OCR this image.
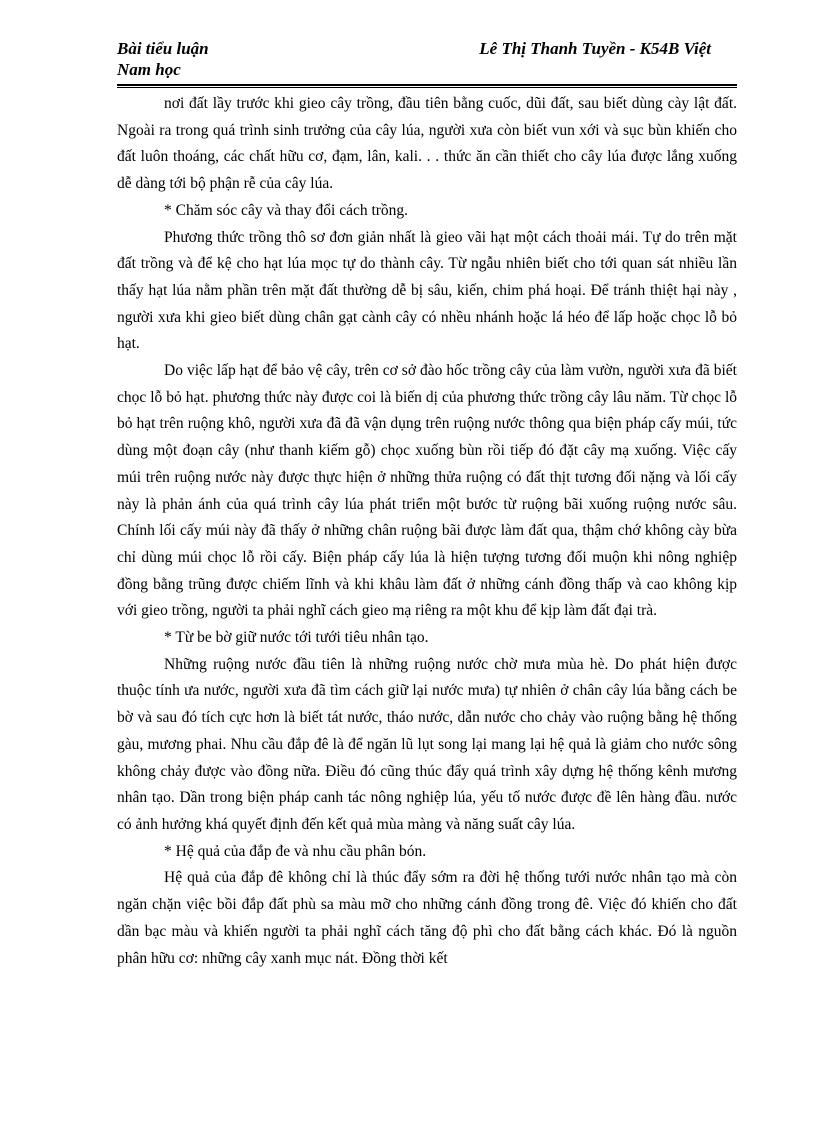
Bài tiểu luận	Lê Thị Thanh Tuyền - K54B Việt
Nam học

nơi đất lầy trước khi gieo cây trồng, đầu tiên bằng cuốc, dũi đất, sau biết dùng cày lật đất. Ngoài ra trong quá trình sinh trưởng của cây lúa, người xưa còn biết vun xới và sục bùn khiến cho đất luôn thoáng, các chất hữu cơ, đạm, lân, kali. . . thức ăn cần thiết cho cây lúa được lắng xuống dễ dàng tới bộ phận rễ của cây lúa.

* Chăm sóc cây và thay đổi cách trồng.

Phương thức trồng thô sơ đơn giản nhất là gieo vãi hạt một cách thoải mái. Tự do trên mặt đất trồng và để kệ cho hạt lúa mọc tự do thành cây. Từ ngẫu nhiên biết cho tới quan sát nhiều lần thấy hạt lúa nằm phần trên mặt đất thường dễ bị sâu, kiến, chim phá hoại. Để tránh thiệt hại này , người xưa khi gieo biết dùng chân gạt cành cây có nhều nhánh hoặc lá héo để lấp hoặc chọc lỗ bỏ hạt.

Do việc lấp hạt để bảo vệ cây, trên cơ sở đào hốc trồng cây của làm vườn, người xưa đã biết chọc lỗ bỏ hạt. phương thức này được coi là biến dị của phương thức trồng cây lâu năm. Từ chọc lỗ bỏ hạt trên ruộng khô, người xưa đã đã vận dụng trên ruộng nước thông qua biện pháp cấy múi, tức dùng một đoạn cây (như thanh kiếm gỗ) chọc xuống bùn rồi tiếp đó đặt cây mạ xuống. Việc cấy múi trên ruộng nước này được thực hiện ở những thửa ruộng có đất thịt tương đối nặng và lối cấy này là phản ánh của quá trình cây lúa phát triển một bước từ ruộng bãi xuống ruộng nước sâu. Chính lối cấy múi này đã thấy ở những chân ruộng bãi được làm đất qua, thậm chớ không cày bừa chỉ dùng múi chọc lỗ rồi cấy. Biện pháp cấy lúa là hiện tượng tương đối muộn khi nông nghiệp đồng bằng trũng được chiếm lĩnh và khi khâu làm đất ở những cánh đồng thấp và cao không kịp với gieo trồng, người ta phải nghĩ cách gieo mạ riêng ra một khu để kịp làm đất đại trà.

* Từ be bờ giữ nước tới tưới tiêu nhân tạo.

Những ruộng nước đầu tiên là những ruộng nước chờ mưa mùa hè. Do phát hiện được thuộc tính ưa nước, người xưa đã tìm cách giữ lại nước mưa) tự nhiên ở chân cây lúa bằng cách be bờ và sau đó tích cực hơn là biết tát nước, tháo nước, dẫn nước cho chảy vào ruộng bằng hệ thống gàu, mương phai. Nhu cầu đắp đê là để ngăn lũ lụt song lại mang lại hệ quả là giảm cho nước sông không chảy được vào đồng nữa. Điều đó cũng thúc đẩy quá trình xây dựng hệ thống kênh mương nhân tạo. Dần trong biện pháp canh tác nông nghiệp lúa, yếu tố nước được đề lên hàng đầu. nước có ảnh hưởng khá quyết định đến kết quả mùa màng và năng suất cây lúa.

* Hệ quả của đắp đe và nhu cầu phân bón.

Hệ quả của đắp đê không chỉ là thúc đẩy sớm ra đời hệ thống tưới nước nhân tạo mà còn ngăn chặn việc bồi đắp đất phù sa màu mỡ cho những cánh đồng trong đê. Việc đó khiến cho đất dần bạc màu và khiến người ta phải nghĩ cách tăng độ phì cho đất bằng cách khác. Đó là nguồn phân hữu cơ: những cây xanh mục nát. Đồng thời kết
